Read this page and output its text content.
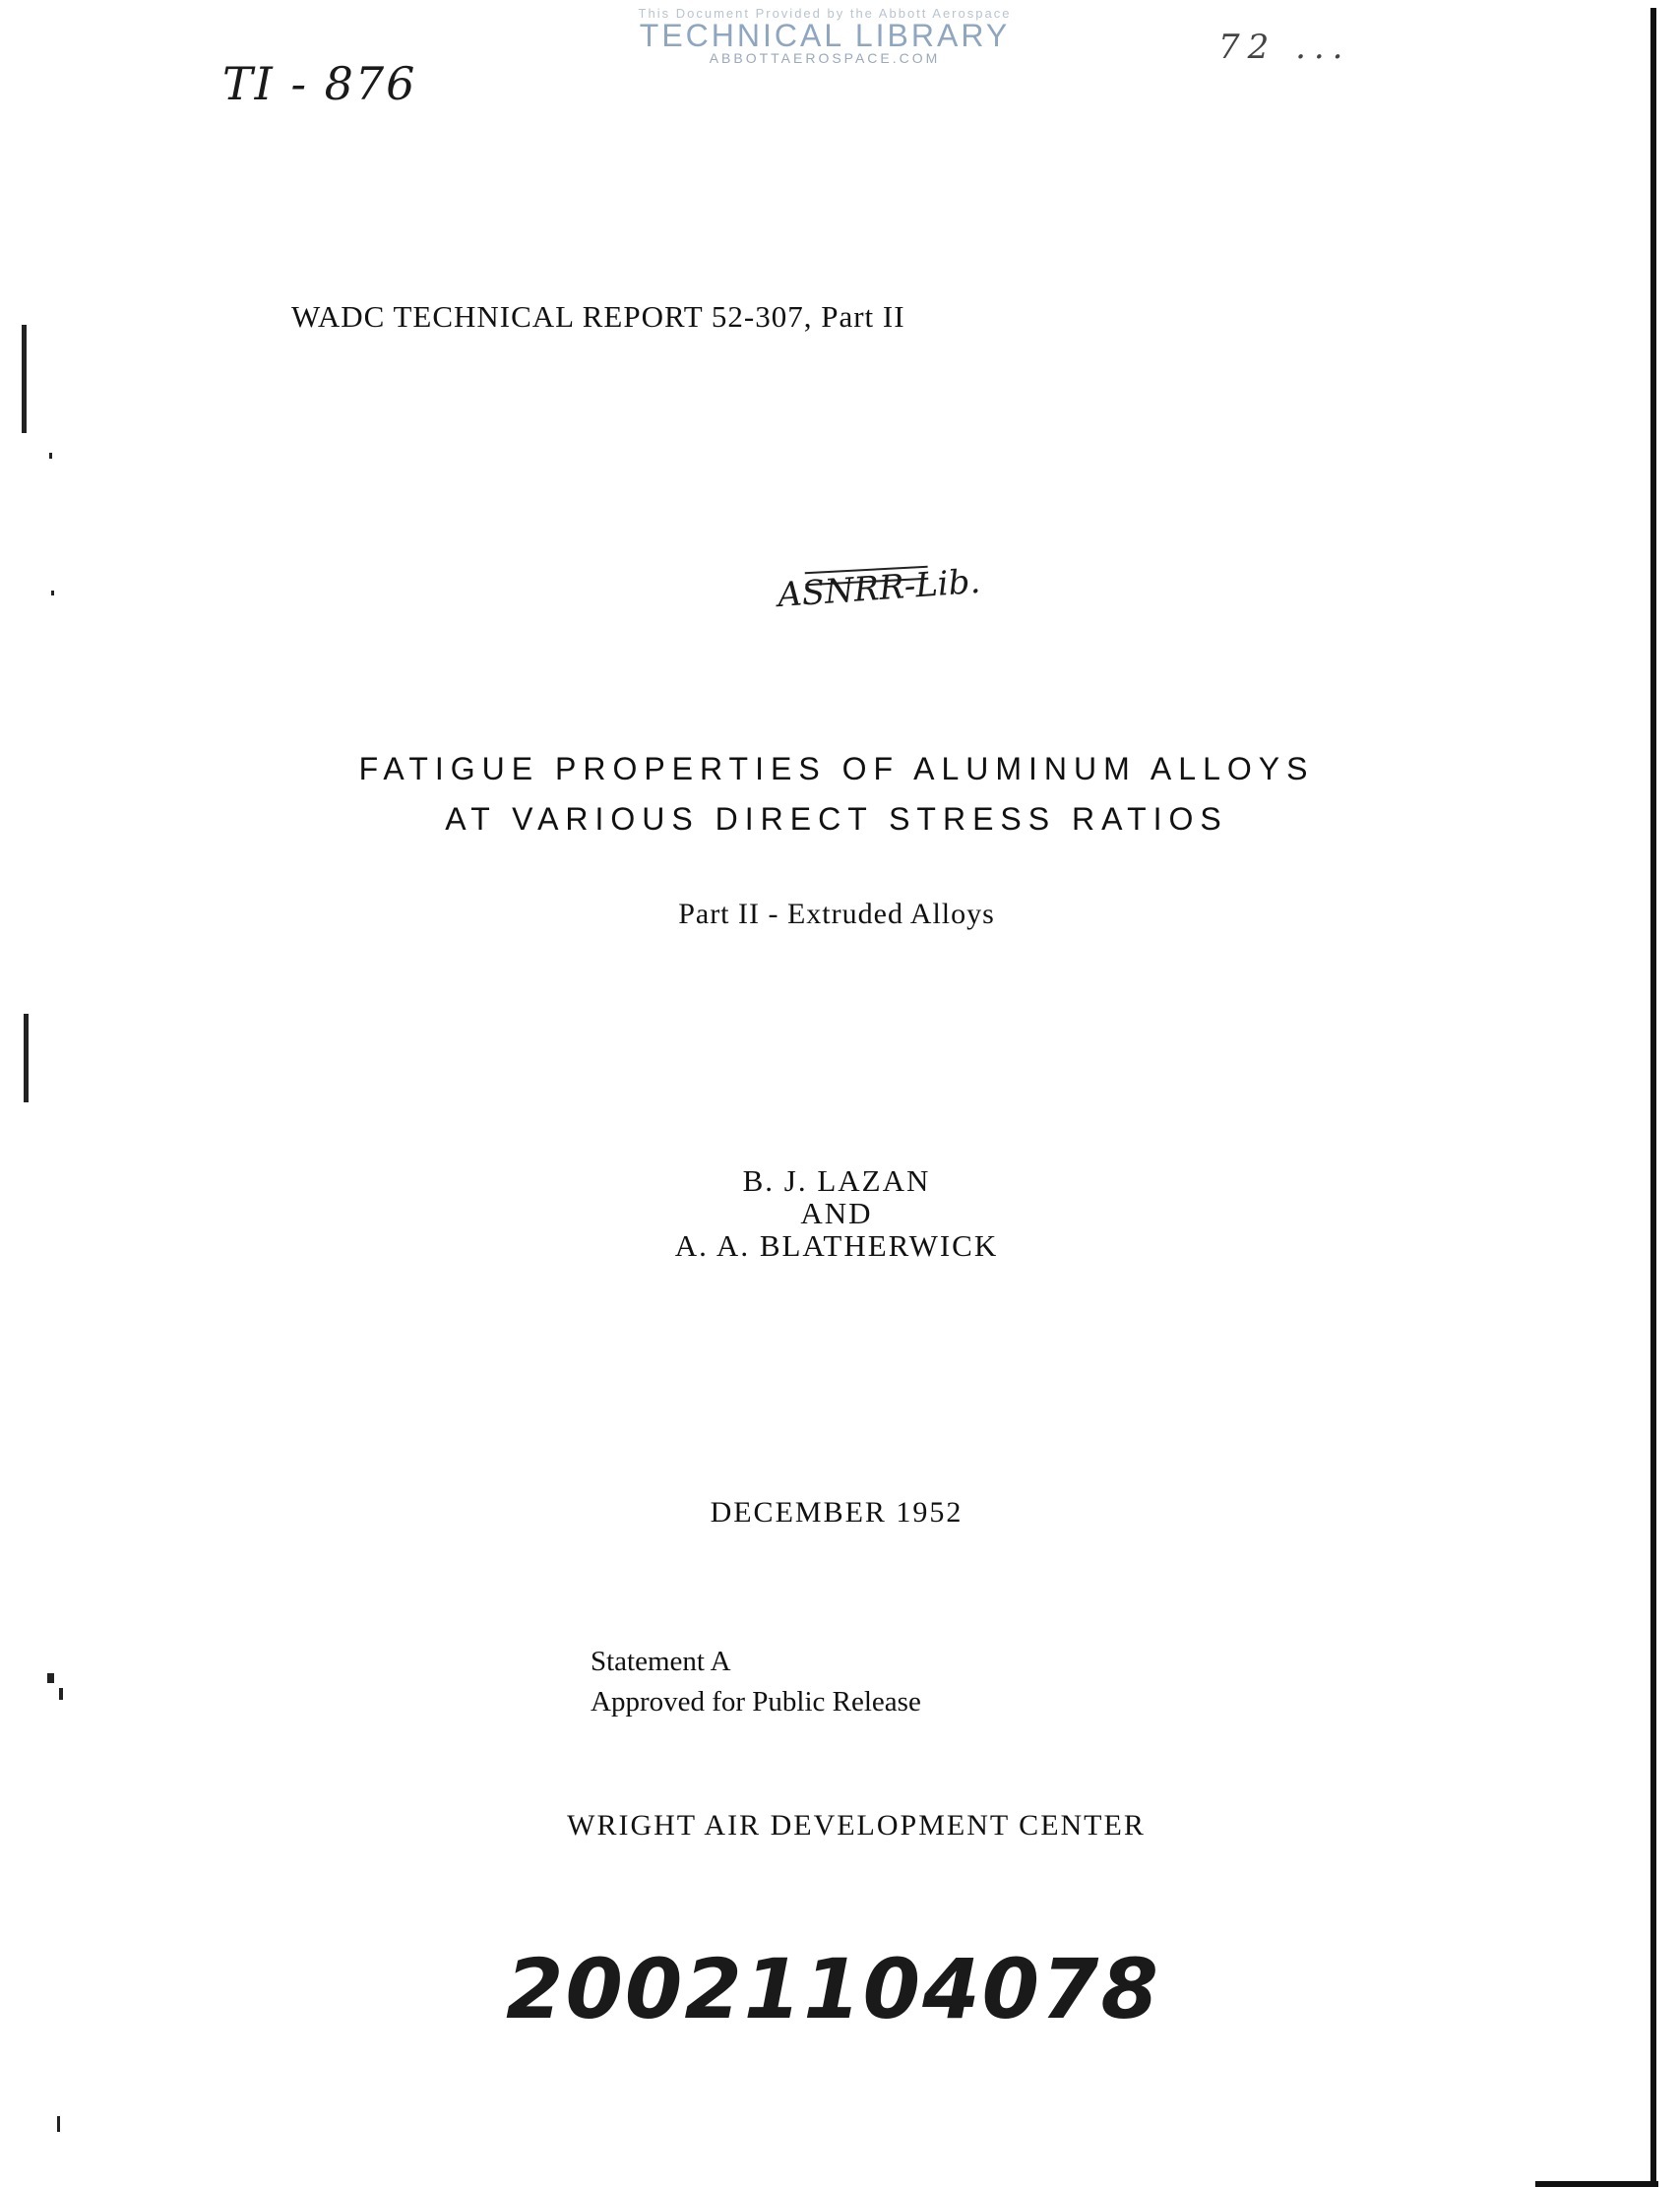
This Document Provided by the Abbott Aerospace
TECHNICAL LIBRARY
ABBOTTAEROSPACE.COM
TI - 876
72 ...
WADC TECHNICAL REPORT 52-307, Part II
ASNRR-Lib.
FATIGUE PROPERTIES OF ALUMINUM ALLOYS
AT VARIOUS DIRECT STRESS RATIOS
Part II - Extruded Alloys
B. J. LAZAN
AND
A. A. BLATHERWICK
DECEMBER 1952
Statement A
Approved for Public Release
WRIGHT AIR DEVELOPMENT CENTER
20021104078
